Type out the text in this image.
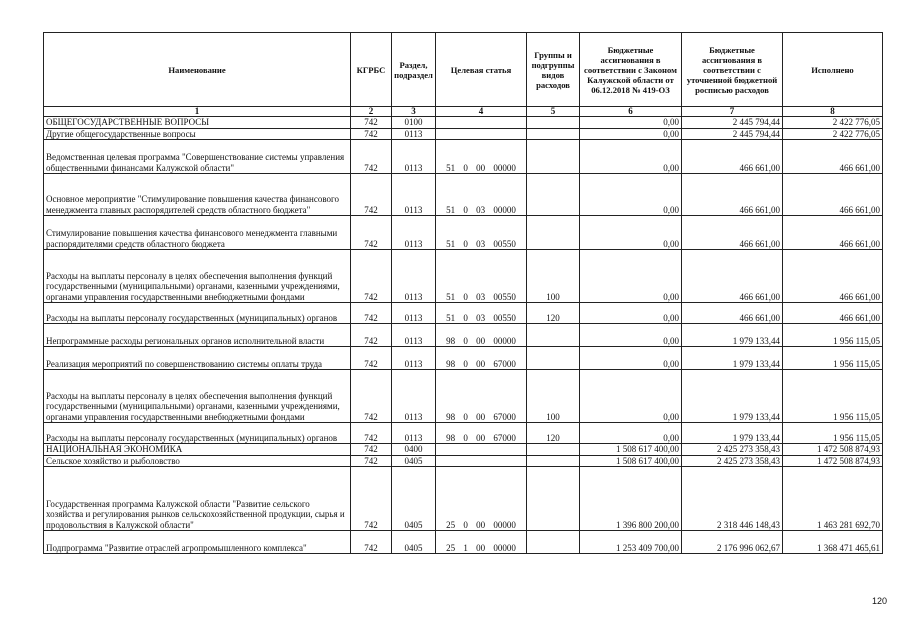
Наименование	КГРБС	Раздел, подраздел	Целевая статья	Группы и подгруппы видов расходов	Бюджетные ассигнования в соответствии с Законом Калужской области от 06.12.2018 № 419-ОЗ	Бюджетные ассигнования в соответствии с уточненной бюджетной росписью расходов	Исполнено
1	2	3	4	5	6	7	8
ОБЩЕГОСУДАРСТВЕННЫЕ ВОПРОСЫ	742	0100			0,00	2 445 794,44	2 422 776,05
Другие общегосударственные вопросы	742	0113			0,00	2 445 794,44	2 422 776,05
Ведомственная целевая программа "Совершенствование системы управления общественными финансами Калужской области"	742	0113	51 0 00 00000		0,00	466 661,00	466 661,00
Основное мероприятие "Стимулирование повышения качества финансового менеджмента главных распорядителей средств областного бюджета"	742	0113	51 0 03 00000		0,00	466 661,00	466 661,00
Стимулирование повышения качества финансового менеджмента главными распорядителями средств областного бюджета	742	0113	51 0 03 00550		0,00	466 661,00	466 661,00
Расходы на выплаты персоналу в целях обеспечения выполнения функций государственными (муниципальными) органами, казенными учреждениями, органами управления государственными внебюджетными фондами	742	0113	51 0 03 00550	100	0,00	466 661,00	466 661,00
Расходы на выплаты персоналу государственных (муниципальных) органов	742	0113	51 0 03 00550	120	0,00	466 661,00	466 661,00
Непрограммные расходы региональных органов исполнительной власти	742	0113	98 0 00 00000		0,00	1 979 133,44	1 956 115,05
Реализация мероприятий по совершенствованию системы оплаты труда	742	0113	98 0 00 67000		0,00	1 979 133,44	1 956 115,05
Расходы на выплаты персоналу в целях обеспечения выполнения функций государственными (муниципальными) органами, казенными учреждениями, органами управления государственными внебюджетными фондами	742	0113	98 0 00 67000	100	0,00	1 979 133,44	1 956 115,05
Расходы на выплаты персоналу государственных (муниципальных) органов	742	0113	98 0 00 67000	120	0,00	1 979 133,44	1 956 115,05
НАЦИОНАЛЬНАЯ ЭКОНОМИКА	742	0400			1 508 617 400,00	2 425 273 358,43	1 472 508 874,93
Сельское хозяйство и рыболовство	742	0405			1 508 617 400,00	2 425 273 358,43	1 472 508 874,93
Государственная программа Калужской области "Развитие сельского хозяйства и регулирования рынков сельскохозяйственной продукции, сырья и продовольствия в Калужской области"	742	0405	25 0 00 00000		1 396 800 200,00	2 318 446 148,43	1 463 281 692,70
Подпрограмма "Развитие отраслей агропромышленного комплекса"	742	0405	25 1 00 00000		1 253 409 700,00	2 176 996 062,67	1 368 471 465,61
120
